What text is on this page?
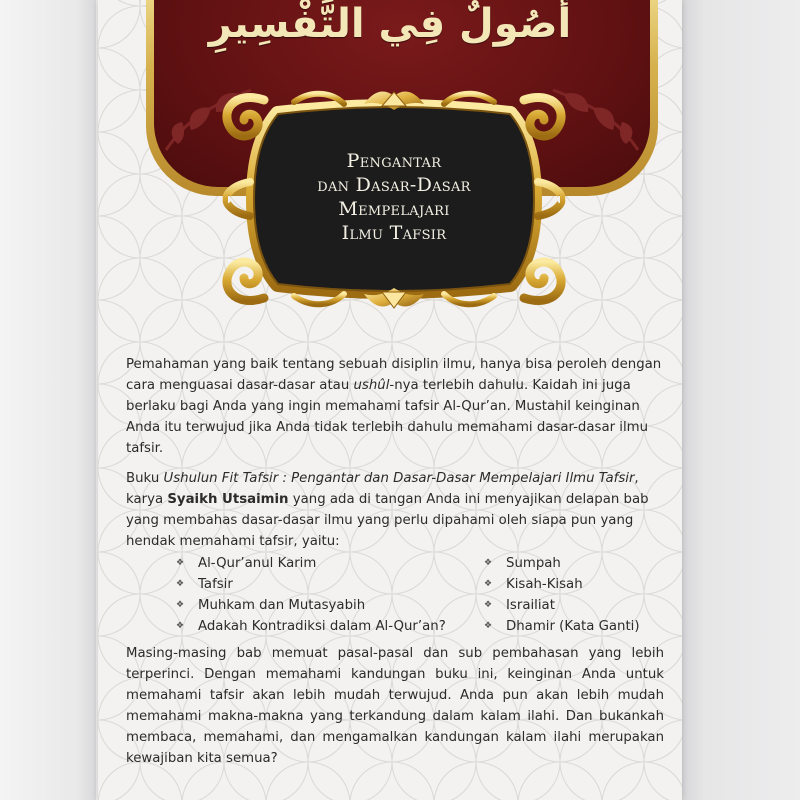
أُصُولٌ فِي التَّفْسِيرِ
Pengantar
dan Dasar-Dasar
Mempelajari
Ilmu Tafsir

Pemahaman yang baik tentang sebuah disiplin ilmu, hanya bisa peroleh dengan cara menguasai dasar-dasar atau ushûl-nya terlebih dahulu. Kaidah ini juga berlaku bagi Anda yang ingin memahami tafsir Al-Qur’an. Mustahil keinginan Anda itu terwujud jika Anda tidak terlebih dahulu memahami dasar-dasar ilmu tafsir.

Buku Ushulun Fit Tafsir : Pengantar dan Dasar-Dasar Mempelajari Ilmu Tafsir, karya Syaikh Utsaimin yang ada di tangan Anda ini menyajikan delapan bab yang membahas dasar-dasar ilmu yang perlu dipahami oleh siapa pun yang hendak memahami tafsir, yaitu:

❖	Al-Qur’anul Karim
❖	Tafsir
❖	Muhkam dan Mutasyabih
❖	Adakah Kontradiksi dalam Al-Qur’an?
❖	Sumpah
❖	Kisah-Kisah
❖	Israiliat
❖	Dhamir (Kata Ganti)

Masing-masing bab memuat pasal-pasal dan sub pembahasan yang lebih terperinci. Dengan memahami kandungan buku ini, keinginan Anda untuk memahami tafsir akan lebih mudah terwujud. Anda pun akan lebih mudah memahami makna-makna yang terkandung dalam kalam ilahi. Dan bukankah membaca, memahami, dan mengamalkan kandungan kalam ilahi merupakan kewajiban kita semua?
